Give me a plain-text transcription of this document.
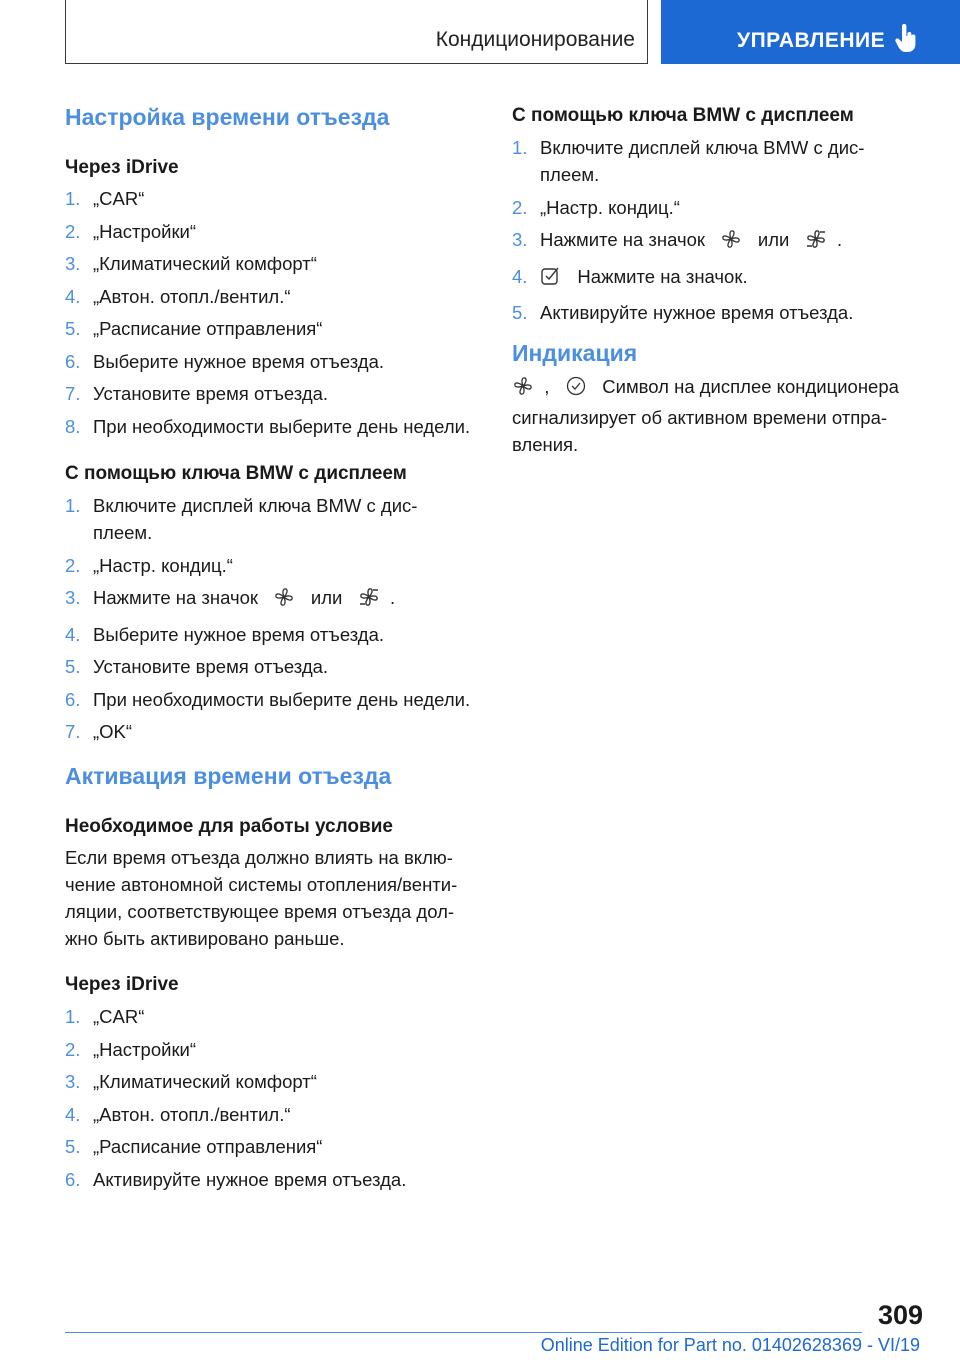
Кондиционирование	УПРАВЛЕНИЕ
Настройка времени отъезда
Через iDrive
1. „CAR“
2. „Настройки“
3. „Климатический комфорт“
4. „Автон. отопл./вентил.“
5. „Расписание отправления“
6. Выберите нужное время отъезда.
7. Установите время отъезда.
8. При необходимости выберите день недели.
С помощью ключа BMW с дисплеем
1. Включите дисплей ключа BMW с дис-плеем.
2. „Настр. кондиц.“
3. Нажмите на значок	или	.
4. Выберите нужное время отъезда.
5. Установите время отъезда.
6. При необходимости выберите день недели.
7. „OK“
Активация времени отъезда
Необходимое для работы условие
Если время отъезда должно влиять на вклю-чение автономной системы отопления/венти-ляции, соответствующее время отъезда дол-жно быть активировано раньше.
Через iDrive
1. „CAR“
2. „Настройки“
3. „Климатический комфорт“
4. „Автон. отопл./вентил.“
5. „Расписание отправления“
6. Активируйте нужное время отъезда.
С помощью ключа BMW с дисплеем
1. Включите дисплей ключа BMW с дис-плеем.
2. „Настр. кондиц.“
3. Нажмите на значок	или	.
4.	Нажмите на значок.
5. Активируйте нужное время отъезда.
Индикация
,	Символ на дисплее кондиционера сигнализирует об активном времени отпра-вления.
309
Online Edition for Part no. 01402628369 - VI/19
